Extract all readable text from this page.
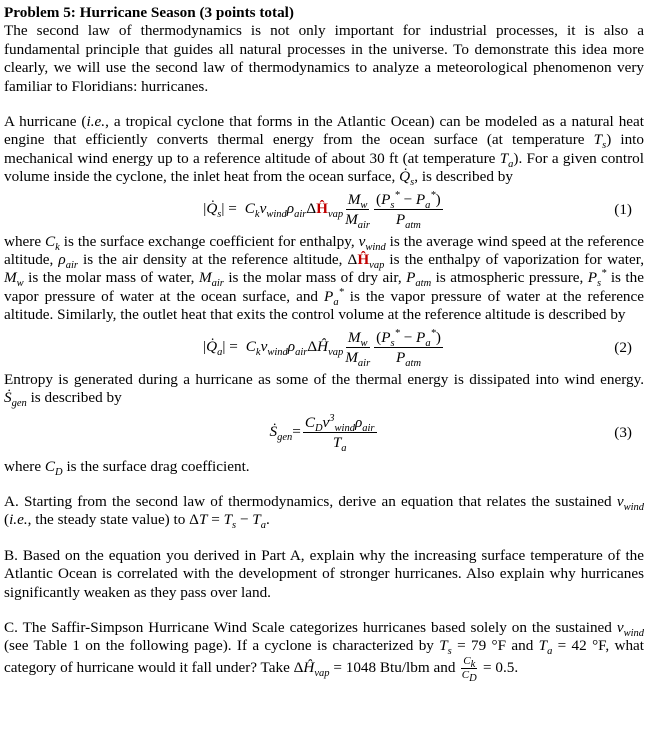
Problem 5: Hurricane Season (3 points total)

The second law of thermodynamics is not only important for industrial processes, it is also a fundamental principle that guides all natural processes in the universe. To demonstrate this idea more clearly, we will use the second law of thermodynamics to analyze a meteorological phenomenon very familiar to Floridians: hurricanes.

A hurricane (i.e., a tropical cyclone that forms in the Atlantic Ocean) can be modeled as a natural heat engine that efficiently converts thermal energy from the ocean surface (at temperature $T_s$) into mechanical wind energy up to a reference altitude of about 30 ft (at temperature $T_a$). For a given control volume inside the cyclone, the inlet heat from the ocean surface, $Q̇_s$, is described by

| $Q̇_s$ | = $C_kv_{wind}\rho_{air}$ Δ Ĥ $_{vap} \frac{M_w}{M_{air}} \frac{(P_s^* - P_a^*)}{P_{atm}}$	(1)

where $C_k$ is the surface exchange coefficient for enthalpy, $v_{wind}$ is the average wind speed at the reference altitude, $\rho_{air}$ is the air density at the reference altitude, $\Delta Ĥ_{vap}$ is the enthalpy of vaporization for water, $M_w$ is the molar mass of water, $M_{air}$ is the molar mass of dry air, $P_{atm}$ is atmospheric pressure, $P_s^*$ is the vapor pressure of water at the ocean surface, and $P_a^*$ is the vapor pressure of water at the reference altitude. Similarly, the outlet heat that exits the control volume at the reference altitude is described by

| $Q̇_a$ | = $C_kv_{wind}\rho_{air}$ Δ $Ĥ_{vap} \frac{M_w}{M_{air}} \frac{(P_s^* - P_a^*)}{P_{atm}}$	(2)

Entropy is generated during a hurricane as some of the thermal energy is dissipated into wind energy. Ṡ$_{gen}$ is described by

Ṡ$_{gen}$ = $\frac{C_Dv^3_{wind}\rho_{air}}{T_a}$	(3)

where $C_D$ is the surface drag coefficient.

A. Starting from the second law of thermodynamics, derive an equation that relates the sustained $v_{wind}$ (i.e., the steady state value) to $\Delta T = T_s - T_a$.

B. Based on the equation you derived in Part A, explain why the increasing surface temperature of the Atlantic Ocean is correlated with the development of stronger hurricanes. Also explain why hurricanes significantly weaken as they pass over land.

C. The Saffir-Simpson Hurricane Wind Scale categorizes hurricanes based solely on the sustained $v_{wind}$ (see Table 1 on the following page). If a cyclone is characterized by $T_s = 79$ °F and $T_a = 42$ °F, what category of hurricane would it fall under? Take $\Delta Ĥ_{vap} = 1048$ Btu/lbm and $\frac{C_k}{C_D} = 0.5$.
